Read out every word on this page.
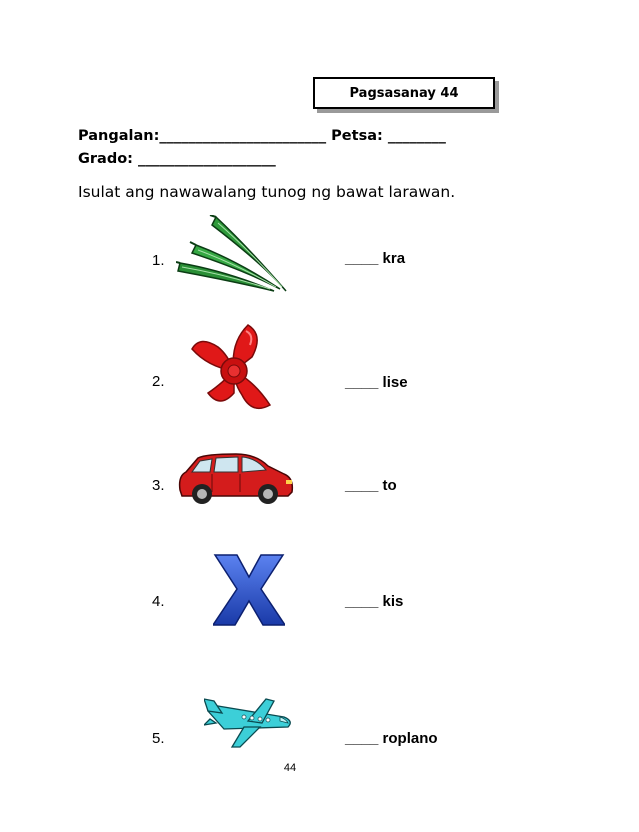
Pagsasanay 44
Pangalan:_______________________ Petsa: ________
Grado: ___________________
Isulat ang nawawalang tunog ng bawat larawan.
1.	____ kra
2.	____ lise
3.	____ to
4.	____ kis
5.	____ roplano
44
